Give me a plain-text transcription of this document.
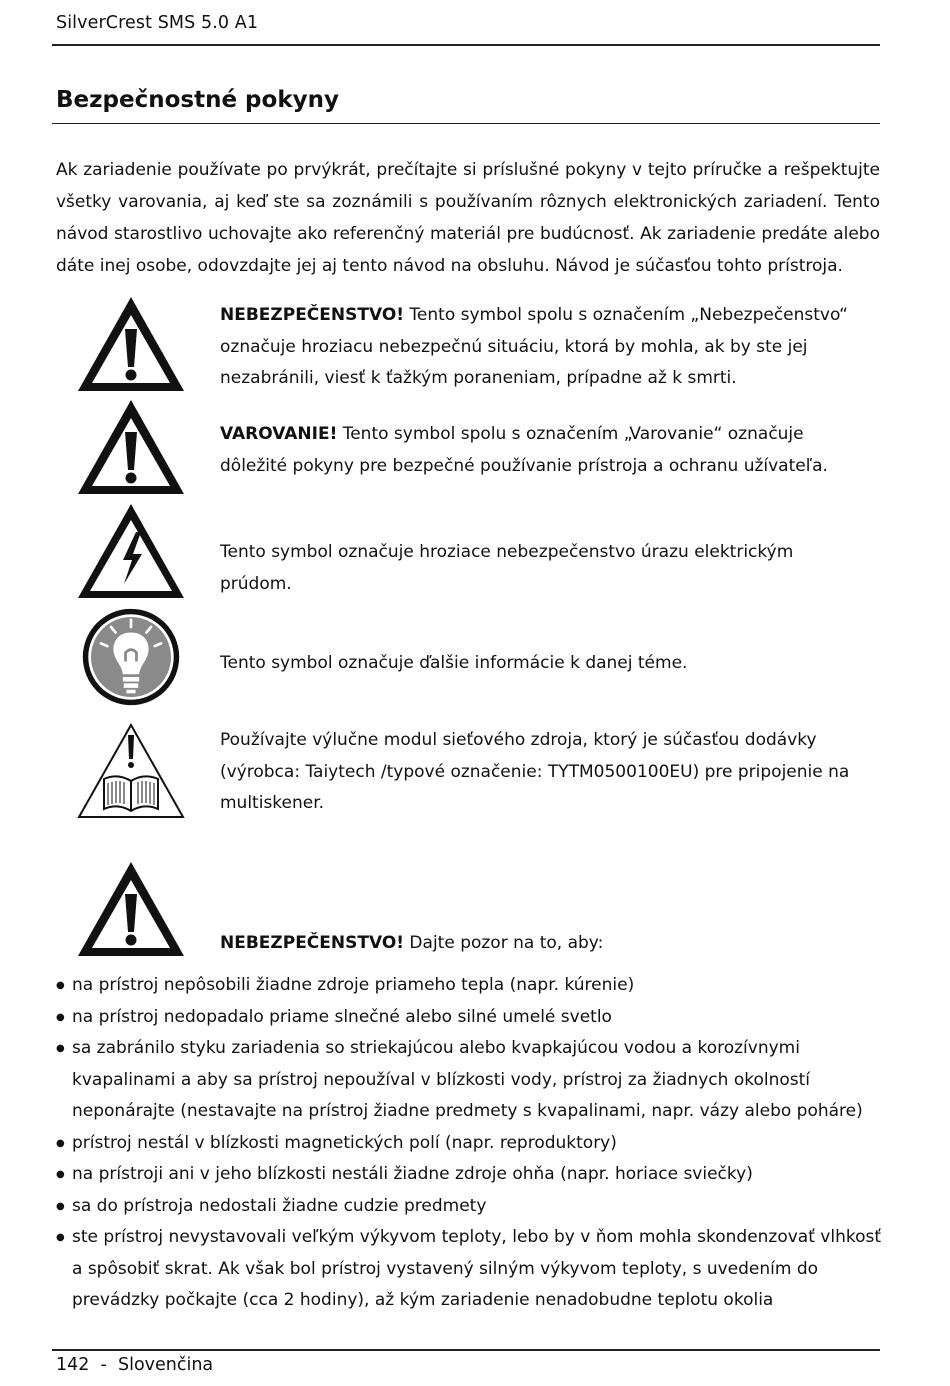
SilverCrest SMS 5.0 A1
Bezpečnostné pokyny

Ak zariadenie používate po prvýkrát, prečítajte si príslušné pokyny v tejto príručke a rešpektujte všetky varovania, aj keď ste sa zoznámili s používaním rôznych elektronických zariadení. Tento návod starostlivo uchovajte ako referenčný materiál pre budúcnosť. Ak zariadenie predáte alebo dáte inej osobe, odovzdajte jej aj tento návod na obsluhu. Návod je súčasťou tohto prístroja.

NEBEZPEČENSTVO! Tento symbol spolu s označením „Nebezpečenstvo“ označuje hroziacu nebezpečnú situáciu, ktorá by mohla, ak by ste jej nezabránili, viesť k ťažkým poraneniam, prípadne až k smrti.

VAROVANIE! Tento symbol spolu s označením „Varovanie“ označuje dôležité pokyny pre bezpečné používanie prístroja a ochranu užívateľa.

Tento symbol označuje hroziace nebezpečenstvo úrazu elektrickým prúdom.

Tento symbol označuje ďalšie informácie k danej téme.

Používajte výlučne modul sieťového zdroja, ktorý je súčasťou dodávky (výrobca: Taiytech /typové označenie: TYTM0500100EU) pre pripojenie na multiskener.

NEBEZPEČENSTVO! Dajte pozor na to, aby:

● na prístroj nepôsobili žiadne zdroje priameho tepla (napr. kúrenie)
● na prístroj nedopadalo priame slnečné alebo silné umelé svetlo
● sa zabránilo styku zariadenia so striekajúcou alebo kvapkajúcou vodou a korozívnymi kvapalinami a aby sa prístroj nepoužíval v blízkosti vody, prístroj za žiadnych okolností neponárajte (nestavajte na prístroj žiadne predmety s kvapalinami, napr. vázy alebo poháre)
● prístroj nestál v blízkosti magnetických polí (napr. reproduktory)
● na prístroji ani v jeho blízkosti nestáli žiadne zdroje ohňa (napr. horiace sviečky)
● sa do prístroja nedostali žiadne cudzie predmety
● ste prístroj nevystavovali veľkým výkyvom teploty, lebo by v ňom mohla skondenzovať vlhkosť a spôsobiť skrat. Ak však bol prístroj vystavený silným výkyvom teploty, s uvedením do prevádzky počkajte (cca 2 hodiny), až kým zariadenie nenadobudne teplotu okolia
142  -  Slovenčina
